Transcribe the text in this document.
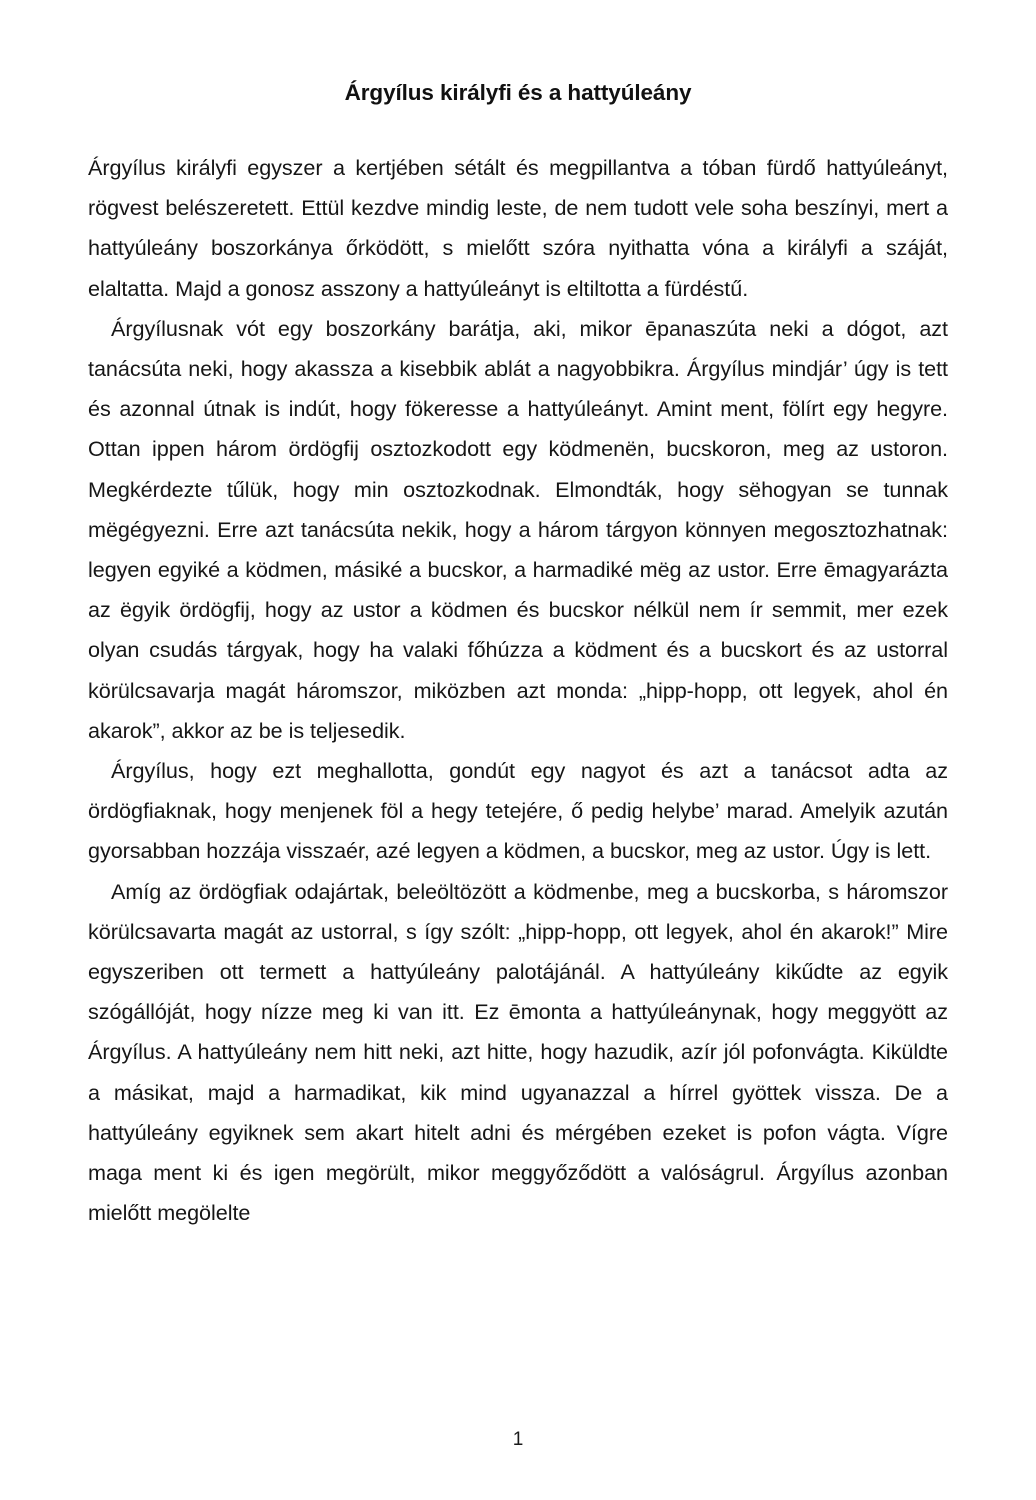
Árgyílus királyfi és a hattyúleány

Árgyílus királyfi egyszer a kertjében sétált és megpillantva a tóban fürdő hattyúleányt, rögvest belészeretett. Ettül kezdve mindig leste, de nem tudott vele soha beszínyi, mert a hattyúleány boszorkánya őrködött, s mielőtt szóra nyithatta vóna a királyfi a száját, elaltatta. Majd a gonosz asszony a hattyúleányt is eltiltotta a fürdéstű.

Árgyílusnak vót egy boszorkány barátja, aki, mikor ēpanaszúta neki a dógot, azt tanácsúta neki, hogy akassza a kisebbik ablát a nagyobbikra. Árgyílus mindjár’ úgy is tett és azonnal útnak is indút, hogy fökeresse a hattyúleányt. Amint ment, fölírt egy hegyre. Ottan ippen három ördögfij osztozkodott egy ködmenën, bucskoron, meg az ustoron. Megkérdezte tűlük, hogy min osztozkodnak. Elmondták, hogy sëhogyan se tunnak mëgégyezni. Erre azt tanácsúta nekik, hogy a három tárgyon könnyen megosztozhatnak: legyen egyiké a ködmen, másiké a bucskor, a harmadiké mëg az ustor. Erre ēmagyarázta az ëgyik ördögfij, hogy az ustor a ködmen és bucskor nélkül nem ír semmit, mer ezek olyan csudás tárgyak, hogy ha valaki főhúzza a ködment és a bucskort és az ustorral körülcsavarja magát háromszor, miközben azt monda: „hipp-hopp, ott legyek, ahol én akarok”, akkor az be is teljesedik.

Árgyílus, hogy ezt meghallotta, gondút egy nagyot és azt a tanácsot adta az ördögfiaknak, hogy menjenek föl a hegy tetejére, ő pedig helybe’ marad. Amelyik azután gyorsabban hozzája visszaér, azé legyen a ködmen, a bucskor, meg az ustor. Úgy is lett.

Amíg az ördögfiak odajártak, beleöltözött a ködmenbe, meg a bucskorba, s háromszor körülcsavarta magát az ustorral, s így szólt: „hipp-hopp, ott legyek, ahol én akarok!” Mire egyszeriben ott termett a hattyúleány palotájánál. A hattyúleány kikűdte az egyik szógállóját, hogy nízze meg ki van itt. Ez ēmonta a hattyúleánynak, hogy meggyött az Árgyílus. A hattyúleány nem hitt neki, azt hitte, hogy hazudik, azír jól pofonvágta. Kiküldte a másikat, majd a harmadikat, kik mind ugyanazzal a hírrel gyöttek vissza. De a hattyúleány egyiknek sem akart hitelt adni és mérgében ezeket is pofon vágta. Vígre maga ment ki és igen megörült, mikor meggyőződött a valóságrul. Árgyílus azonban mielőtt megölelte

1
